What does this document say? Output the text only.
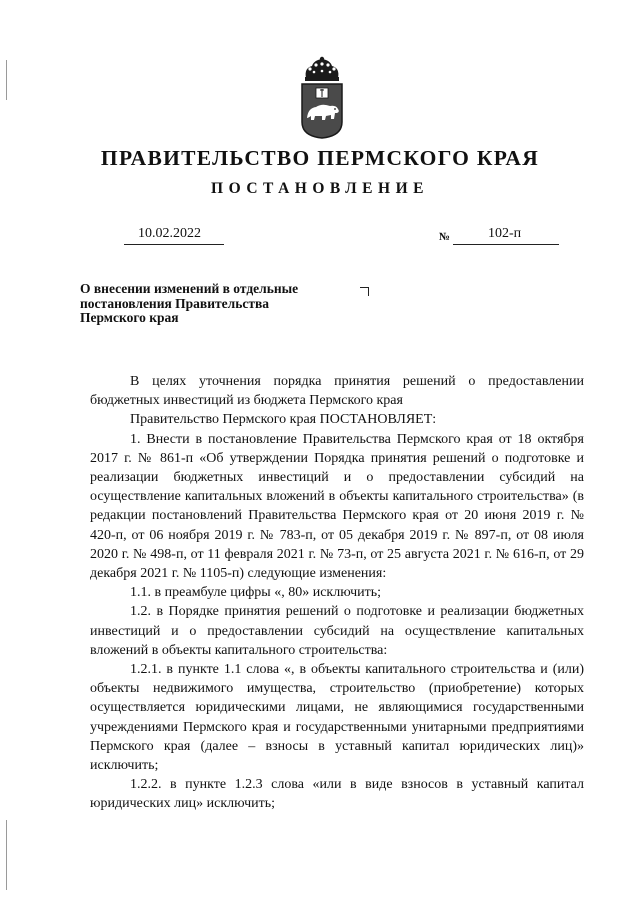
ПРАВИТЕЛЬСТВО ПЕРМСКОГО КРАЯ
ПОСТАНОВЛЕНИЕ
10.02.2022	№	102-п
О внесении изменений в отдельные
постановления Правительства
Пермского края

В целях уточнения порядка принятия решений о предоставлении бюджетных инвестиций из бюджета Пермского края

Правительство Пермского края ПОСТАНОВЛЯЕТ:

1. Внести в постановление Правительства Пермского края от 18 октября 2017 г. № 861-п «Об утверждении Порядка принятия решений о подготовке и реализации бюджетных инвестиций и о предоставлении субсидий на осуществление капитальных вложений в объекты капитального строительства» (в редакции постановлений Правительства Пермского края от 20 июня 2019 г. № 420-п, от 06 ноября 2019 г. № 783-п, от 05 декабря 2019 г. № 897-п, от 08 июля 2020 г. № 498-п, от 11 февраля 2021 г. № 73-п, от 25 августа 2021 г. № 616-п, от 29 декабря 2021 г. № 1105-п) следующие изменения:

1.1. в преамбуле цифры «, 80» исключить;

1.2. в Порядке принятия решений о подготовке и реализации бюджетных инвестиций и о предоставлении субсидий на осуществление капитальных вложений в объекты капитального строительства:

1.2.1. в пункте 1.1 слова «, в объекты капитального строительства и (или) объекты недвижимого имущества, строительство (приобретение) которых осуществляется юридическими лицами, не являющимися государственными учреждениями Пермского края и государственными унитарными предприятиями Пермского края (далее – взносы в уставный капитал юридических лиц)» исключить;

1.2.2. в пункте 1.2.3 слова «или в виде взносов в уставный капитал юридических лиц» исключить;
